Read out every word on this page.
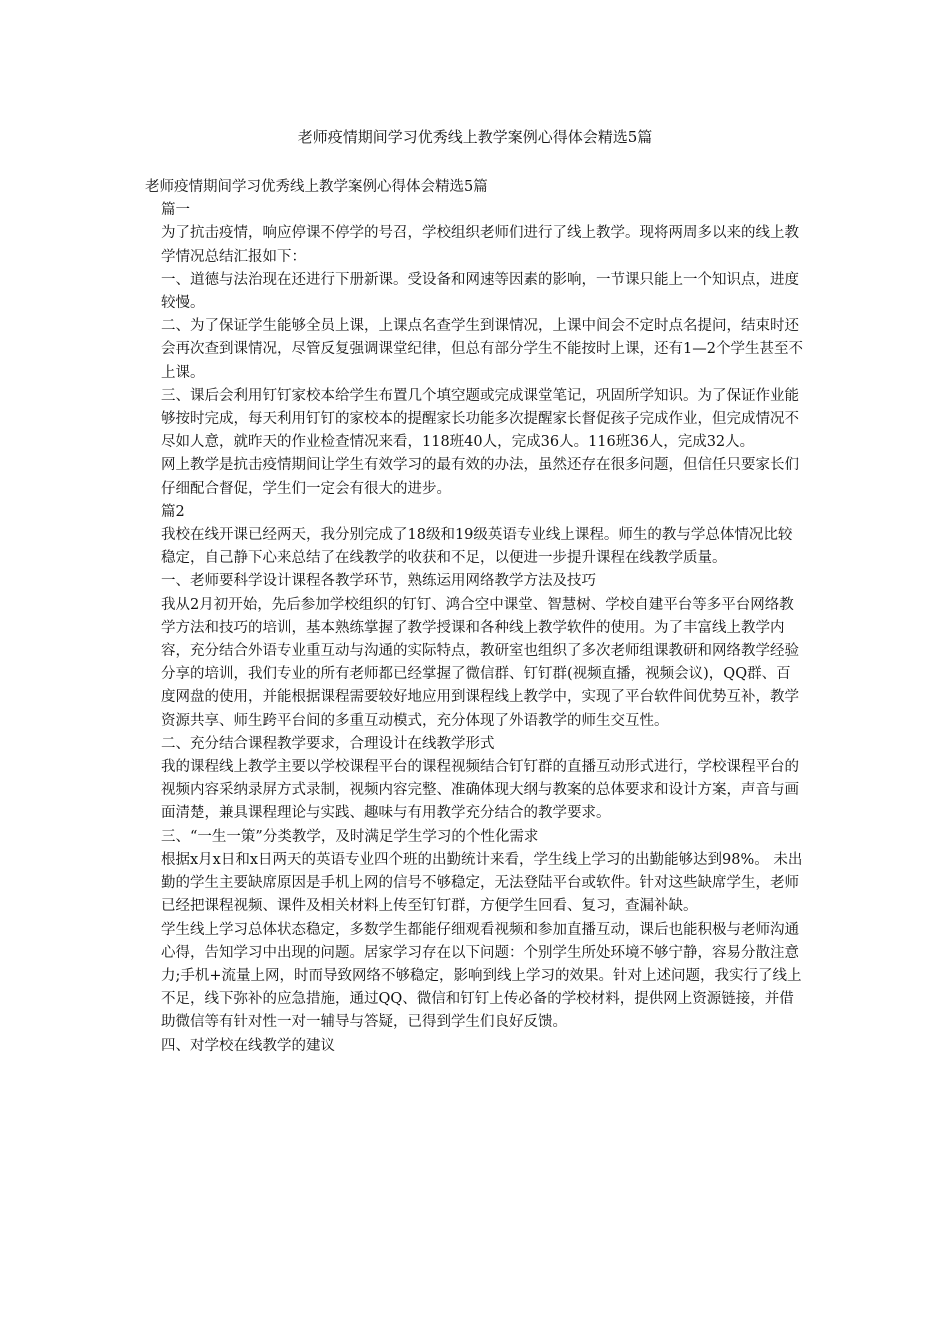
老师疫情期间学习优秀线上教学案例心得体会精选5篇

老师疫情期间学习优秀线上教学案例心得体会精选5篇

篇一

为了抗击疫情，响应停课不停学的号召，学校组织老师们进行了线上教学。现将两周多以来的线上教学情况总结汇报如下：

一、道德与法治现在还进行下册新课。受设备和网速等因素的影响，一节课只能上一个知识点，进度较慢。

二、为了保证学生能够全员上课，上课点名查学生到课情况，上课中间会不定时点名提问，结束时还会再次查到课情况，尽管反复强调课堂纪律，但总有部分学生不能按时上课，还有1—2个学生甚至不上课。

三、课后会利用钉钉家校本给学生布置几个填空题或完成课堂笔记，巩固所学知识。为了保证作业能够按时完成，每天利用钉钉的家校本的提醒家长功能多次提醒家长督促孩子完成作业，但完成情况不尽如人意，就昨天的作业检查情况来看，118班40人，完成36人。116班36人，完成32人。

网上教学是抗击疫情期间让学生有效学习的最有效的办法，虽然还存在很多问题，但信任只要家长们仔细配合督促，学生们一定会有很大的进步。

篇2

我校在线开课已经两天，我分别完成了18级和19级英语专业线上课程。师生的教与学总体情况比较稳定，自己静下心来总结了在线教学的收获和不足，以便进一步提升课程在线教学质量。

一、老师要科学设计课程各教学环节，熟练运用网络教学方法及技巧

我从2月初开始，先后参加学校组织的钉钉、鸿合空中课堂、智慧树、学校自建平台等多平台网络教学方法和技巧的培训，基本熟练掌握了教学授课和各种线上教学软件的使用。为了丰富线上教学内容，充分结合外语专业重互动与沟通的实际特点，教研室也组织了多次老师组课教研和网络教学经验分享的培训，我们专业的所有老师都已经掌握了微信群、钉钉群(视频直播，视频会议)，QQ群、百度网盘的使用，并能根据课程需要较好地应用到课程线上教学中，实现了平台软件间优势互补，教学资源共享、师生跨平台间的多重互动模式，充分体现了外语教学的师生交互性。

二、充分结合课程教学要求，合理设计在线教学形式

我的课程线上教学主要以学校课程平台的课程视频结合钉钉群的直播互动形式进行，学校课程平台的视频内容采纳录屏方式录制，视频内容完整、准确体现大纲与教案的总体要求和设计方案，声音与画面清楚，兼具课程理论与实践、趣味与有用教学充分结合的教学要求。

三、“一生一策”分类教学，及时满足学生学习的个性化需求

根据x月x日和x日两天的英语专业四个班的出勤统计来看，学生线上学习的出勤能够达到98%。 未出勤的学生主要缺席原因是手机上网的信号不够稳定，无法登陆平台或软件。针对这些缺席学生，老师已经把课程视频、课件及相关材料上传至钉钉群，方便学生回看、复习，查漏补缺。

学生线上学习总体状态稳定，多数学生都能仔细观看视频和参加直播互动，课后也能积极与老师沟通心得，告知学习中出现的问题。居家学习存在以下问题：个别学生所处环境不够宁静，容易分散注意力;手机+流量上网，时而导致网络不够稳定，影响到线上学习的效果。针对上述问题，我实行了线上不足，线下弥补的应急措施，通过QQ、微信和钉钉上传必备的学校材料，提供网上资源链接，并借助微信等有针对性一对一辅导与答疑，已得到学生们良好反馈。

四、对学校在线教学的建议
